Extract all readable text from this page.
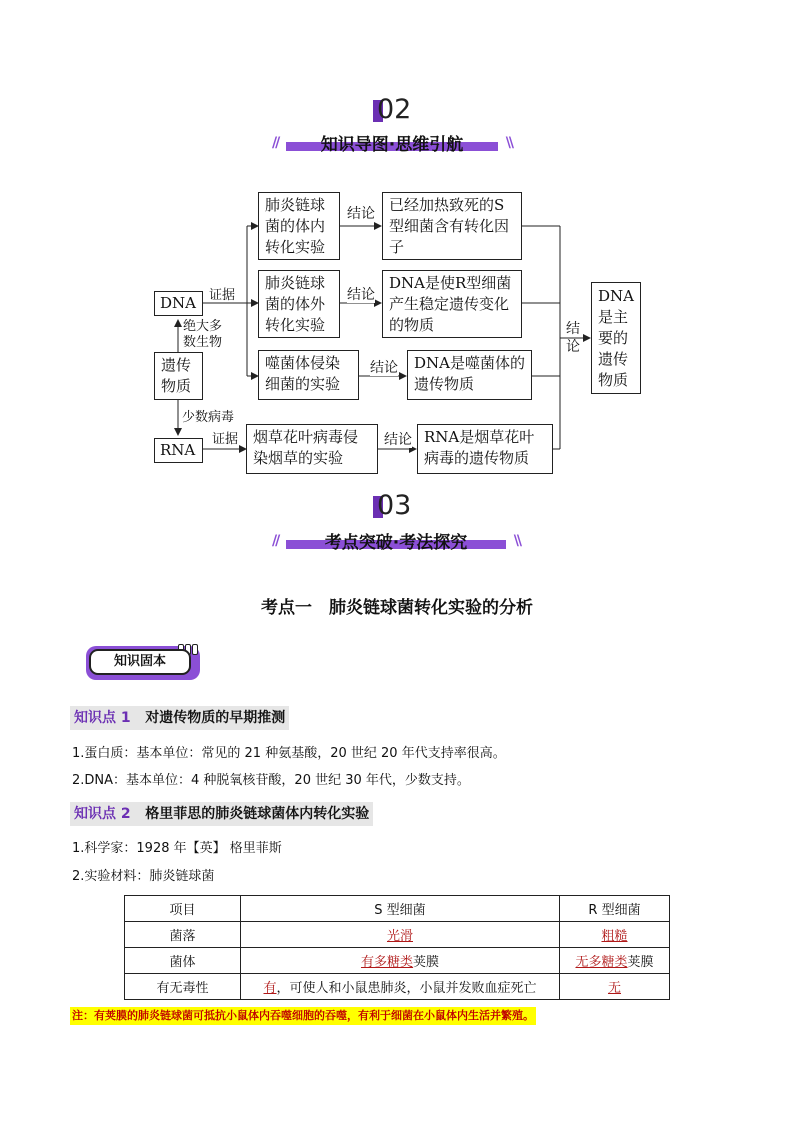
02
//	知识导图·思维引航	\\
DNA
遗传物质
RNA
绝大多数生物
少数病毒
证据
证据
肺炎链球菌的体内转化实验
肺炎链球菌的体外转化实验
噬菌体侵染细菌的实验
烟草花叶病毒侵染烟草的实验
结论
结论
结论
结论
已经加热致死的S型细菌含有转化因子
DNA是使R型细菌产生稳定遗传变化的物质
DNA是噬菌体的遗传物质
RNA是烟草花叶病毒的遗传物质
结论
DNA是主要的遗传物质
03
//	考点突破·考法探究	\\
考点一　肺炎链球菌转化实验的分析
知识固本
知识点 1 对遗传物质的早期推测
1.蛋白质：基本单位：常见的 21 种氨基酸，20 世纪 20 年代支持率很高。
2.DNA：基本单位：4 种脱氧核苷酸，20 世纪 30 年代，少数支持。
知识点 2 格里菲思的肺炎链球菌体内转化实验
1.科学家：1928 年【英】 格里菲斯
2.实验材料：肺炎链球菌
项目	S 型细菌	R 型细菌
菌落	光滑	粗糙
菌体	有多糖类荚膜	无多糖类荚膜
有无毒性	有，可使人和小鼠患肺炎，小鼠并发败血症死亡	无
注：有荚膜的肺炎链球菌可抵抗小鼠体内吞噬细胞的吞噬，有利于细菌在小鼠体内生活并繁殖。
